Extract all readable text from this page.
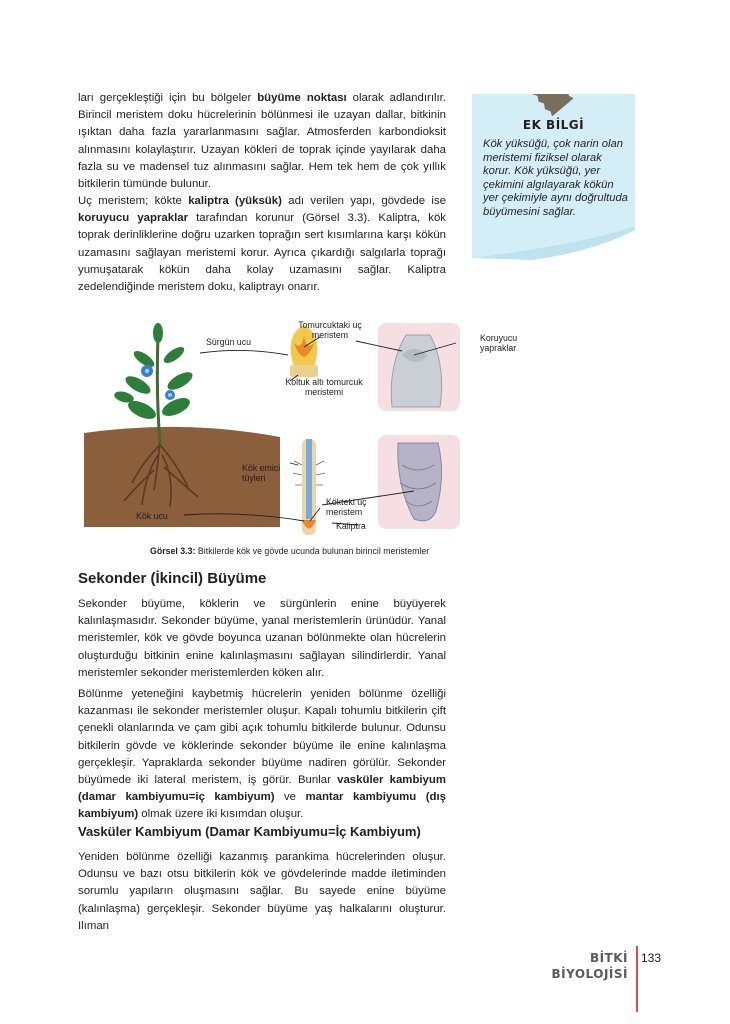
ları gerçekleştiği için bu bölgeler büyüme noktası olarak adlandırılır. Birincil meristem doku hücrelerinin bölünmesi ile uzayan dallar, bitkinin ışıktan daha fazla yararlanmasını sağlar. Atmosferden karbondioksit alınmasını kolaylaştırır. Uzayan kökleri de toprak içinde yayılarak daha fazla su ve madensel tuz alınmasını sağlar. Hem tek hem de çok yıllık bitkilerin tümünde bulunur.

Uç meristem; kökte kaliptra (yüksük) adı verilen yapı, gövdede ise koruyucu yapraklar tarafından korunur (Görsel 3.3). Kaliptra, kök toprak derinliklerine doğru uzarken toprağın sert kısımlarına karşı kökün uzamasını sağlayan meristemi korur. Ayrıca çıkardığı salgılarla toprağı yumuşatarak kökün daha kolay uzamasını sağlar. Kaliptra zedelendiğinde meristem doku, kaliptrayı onarır.

EK BİLGİ

Kök yüksüğü, çok narin olan meristemi fiziksel olarak korur. Kök yüksüğü, yer çekimini algılayarak kökün yer çekimiyle aynı doğrultuda büyümesini sağlar.

Sürgün ucu
Tomurcuktaki uç meristem
Koltuk altı tomurcuk meristemi
Koruyucu yapraklar
Kök emici tüyleri
Kökteki uç meristem
Kaliptra
Kök ucu
Görsel 3.3: Bitkilerde kök ve gövde ucunda bulunan birincil meristemler
Sekonder (İkincil) Büyüme

Sekonder büyüme, köklerin ve sürgünlerin enine büyüyerek kalınlaşmasıdır. Sekonder büyüme, yanal meristemlerin ürünüdür. Yanal meristemler, kök ve gövde boyunca uzanan bölünmekte olan hücrelerin oluşturduğu bitkinin enine kalınlaşmasını sağlayan silindirlerdir. Yanal meristemler sekonder meristemlerden köken alır.

Bölünme yeteneğini kaybetmiş hücrelerin yeniden bölünme özelliği kazanması ile sekonder meristemler oluşur. Kapalı tohumlu bitkilerin çift çenekli olanlarında ve çam gibi açık tohumlu bitkilerde bulunur. Odunsu bitkilerin gövde ve köklerinde sekonder büyüme ile enine kalınlaşma gerçekleşir. Yapraklarda sekonder büyüme nadiren görülür. Sekonder büyümede iki lateral meristem, iş görür. Bunlar vasküler kambiyum (damar kambiyumu=iç kambiyum) ve mantar kambiyumu (dış kambiyum) olmak üzere iki kısımdan oluşur.

Vasküler Kambiyum (Damar Kambiyumu=İç Kambiyum)

Yeniden bölünme özelliği kazanmış parankima hücrelerinden oluşur. Odunsu ve bazı otsu bitkilerin kök ve gövdelerinde madde iletiminden sorumlu yapıların oluşmasını sağlar. Bu sayede enine büyüme (kalınlaşma) gerçekleşir. Sekonder büyüme yaş halkalarını oluşturur. Ilıman

BİTKİ
BİYOLOJİSİ
133
